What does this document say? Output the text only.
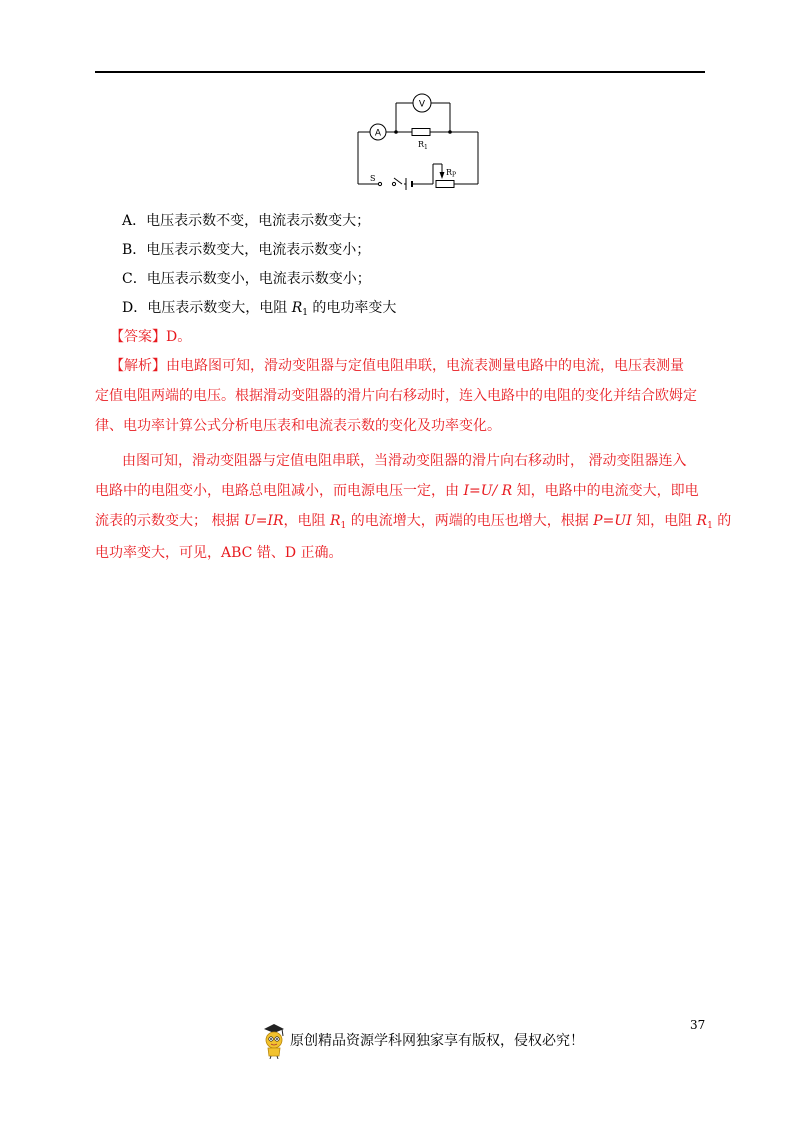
V
A
R 1
S
R P
A．电压表示数不变，电流表示数变大；
B．电压表示数变大，电流表示数变小；
C．电压表示数变小，电流表示数变小；
D．电压表示数变大，电阻 $R_1$ 的电功率变大
【答案】D。
【解析】由电路图可知，滑动变阻器与定值电阻串联，电流表测量电路中的电流，电压表测量
定值电阻两端的电压。根据滑动变阻器的滑片向右移动时，连入电路中的电阻的变化并结合欧姆定
律、电功率计算公式分析电压表和电流表示数的变化及功率变化。
由图可知，滑动变阻器与定值电阻串联，当滑动变阻器的滑片向右移动时， 滑动变阻器连入
电路中的电阻变小，电路总电阻减小，而电源电压一定，由 I=U/ R 知，电路中的电流变大，即电
流表的示数变大； 根据 U=IR，电阻 $R_1$ 的电流增大，两端的电压也增大，根据 P=UI 知，电阻 $R_1$ 的
电功率变大，可见，ABC 错、D 正确。
37
原创精品资源学科网独家享有版权，侵权必究！
